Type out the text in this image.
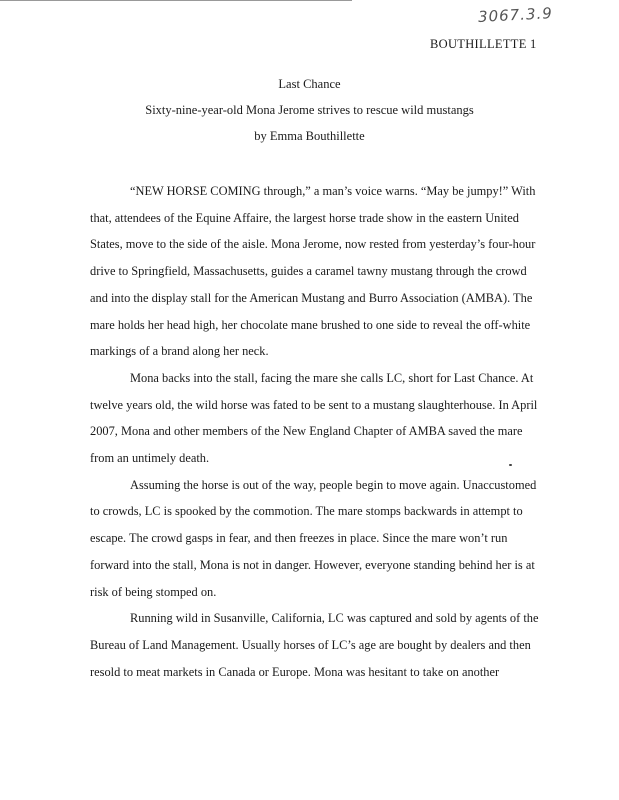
3067.3.9
BOUTHILLETTE 1
Last Chance
Sixty-nine-year-old Mona Jerome strives to rescue wild mustangs
by Emma Bouthillette

“NEW HORSE COMING through,” a man’s voice warns. “May be jumpy!” With that, attendees of the Equine Affaire, the largest horse trade show in the eastern United States, move to the side of the aisle. Mona Jerome, now rested from yesterday’s four-hour drive to Springfield, Massachusetts, guides a caramel tawny mustang through the crowd and into the display stall for the American Mustang and Burro Association (AMBA). The mare holds her head high, her chocolate mane brushed to one side to reveal the off-white markings of a brand along her neck.

Mona backs into the stall, facing the mare she calls LC, short for Last Chance. At twelve years old, the wild horse was fated to be sent to a mustang slaughterhouse. In April 2007, Mona and other members of the New England Chapter of AMBA saved the mare from an untimely death.

Assuming the horse is out of the way, people begin to move again. Unaccustomed to crowds, LC is spooked by the commotion. The mare stomps backwards in attempt to escape. The crowd gasps in fear, and then freezes in place. Since the mare won’t run forward into the stall, Mona is not in danger. However, everyone standing behind her is at risk of being stomped on.

Running wild in Susanville, California, LC was captured and sold by agents of the Bureau of Land Management. Usually horses of LC’s age are bought by dealers and then resold to meat markets in Canada or Europe. Mona was hesitant to take on another
